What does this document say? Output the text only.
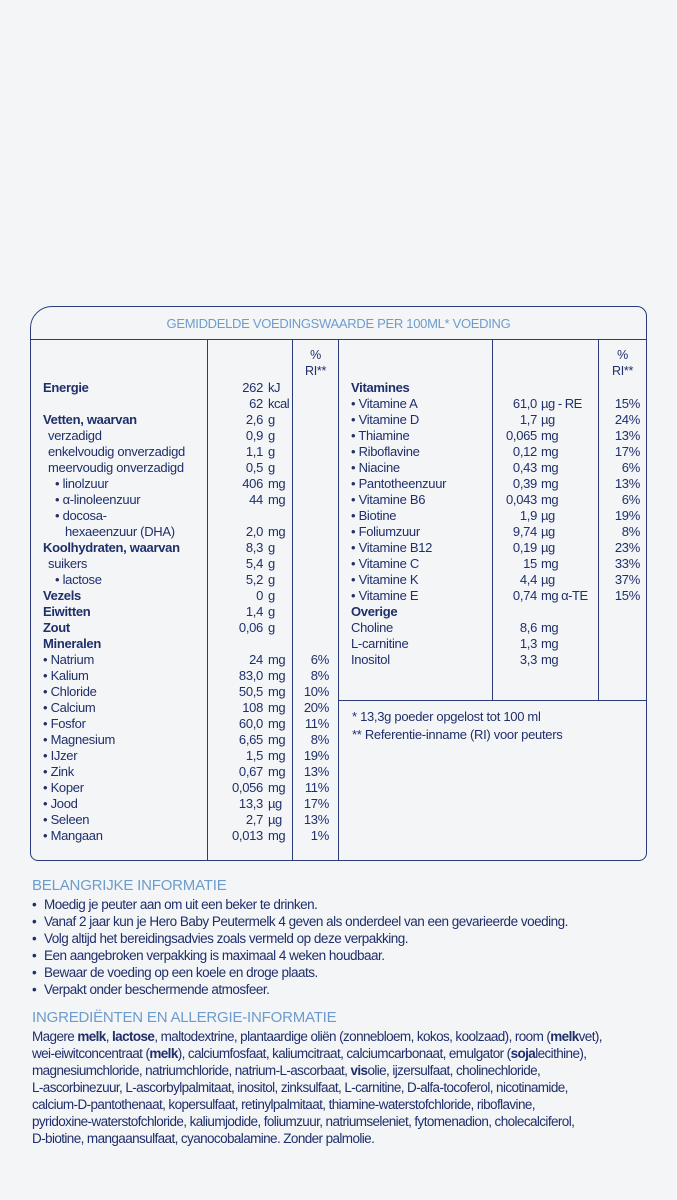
GEMIDDELDE VOEDINGSWAARDE PER 100ML* VOEDING
%
RI**
%
RI**
Energie	262 kJ
62 kcal
Vetten, waarvan	2,6 g
verzadigd	0,9 g
enkelvoudig onverzadigd	1,1 g
meervoudig onverzadigd	0,5 g
• linolzuur	406 mg
• α-linoleenzuur	44 mg
• docosa-
hexaeenzuur (DHA)	2,0 mg
Koolhydraten, waarvan	8,3 g
suikers	5,4 g
• lactose	5,2 g
Vezels	0 g
Eiwitten	1,4 g
Zout	0,06 g
Mineralen
• Natrium	24 mg 6%
• Kalium	83,0 mg 8%
• Chloride	50,5 mg 10%
• Calcium	108 mg 20%
• Fosfor	60,0 mg 11%
• Magnesium	6,65 mg 8%
• IJzer	1,5 mg 19%
• Zink	0,67 mg 13%
• Koper	0,056 mg 11%
• Jood	13,3 µg 17%
• Seleen	2,7 µg 13%
• Mangaan	0,013 mg 1%
Vitamines
• Vitamine A	61,0 µg - RE	15%
• Vitamine D	1,7 µg	24%
• Thiamine	0,065 mg	13%
• Riboflavine	0,12 mg	17%
• Niacine	0,43 mg	6%
• Pantotheenzuur	0,39 mg	13%
• Vitamine B6	0,043 mg	6%
• Biotine	1,9 µg	19%
• Foliumzuur	9,74 µg	8%
• Vitamine B12	0,19 µg	23%
• Vitamine C	15 mg	33%
• Vitamine K	4,4 µg	37%
• Vitamine E	0,74 mg α-TE 15%
Overige
Choline	8,6 mg
L-carnitine	1,3 mg
Inositol	3,3 mg
* 13,3g poeder opgelost tot 100 ml
** Referentie-inname (RI) voor peuters
BELANGRIJKE INFORMATIE
• Moedig je peuter aan om uit een beker te drinken.
• Vanaf 2 jaar kun je Hero Baby Peutermelk 4 geven als onderdeel van een gevarieerde voeding.
• Volg altijd het bereidingsadvies zoals vermeld op deze verpakking.
• Een aangebroken verpakking is maximaal 4 weken houdbaar.
• Bewaar de voeding op een koele en droge plaats.
• Verpakt onder beschermende atmosfeer.
INGREDIËNTEN EN ALLERGIE-INFORMATIE
Magere melk, lactose, maltodextrine, plantaardige oliën (zonnebloem, kokos, koolzaad), room (melkvet),
wei-eiwitconcentraat (melk), calciumfosfaat, kaliumcitraat, calciumcarbonaat, emulgator (sojalecithine),
magnesiumchloride, natriumchloride, natrium-L-ascorbaat, visolie, ijzersulfaat, cholinechloride,
L-ascorbinezuur, L-ascorbylpalmitaat, inositol, zinksulfaat, L-carnitine, D-alfa-tocoferol, nicotinamide,
calcium-D-pantothenaat, kopersulfaat, retinylpalmitaat, thiamine-waterstofchloride, riboflavine,
pyridoxine-waterstofchloride, kaliumjodide, foliumzuur, natriumseleniet, fytomenadion, cholecalciferol,
D-biotine, mangaansulfaat, cyanocobalamine. Zonder palmolie.
